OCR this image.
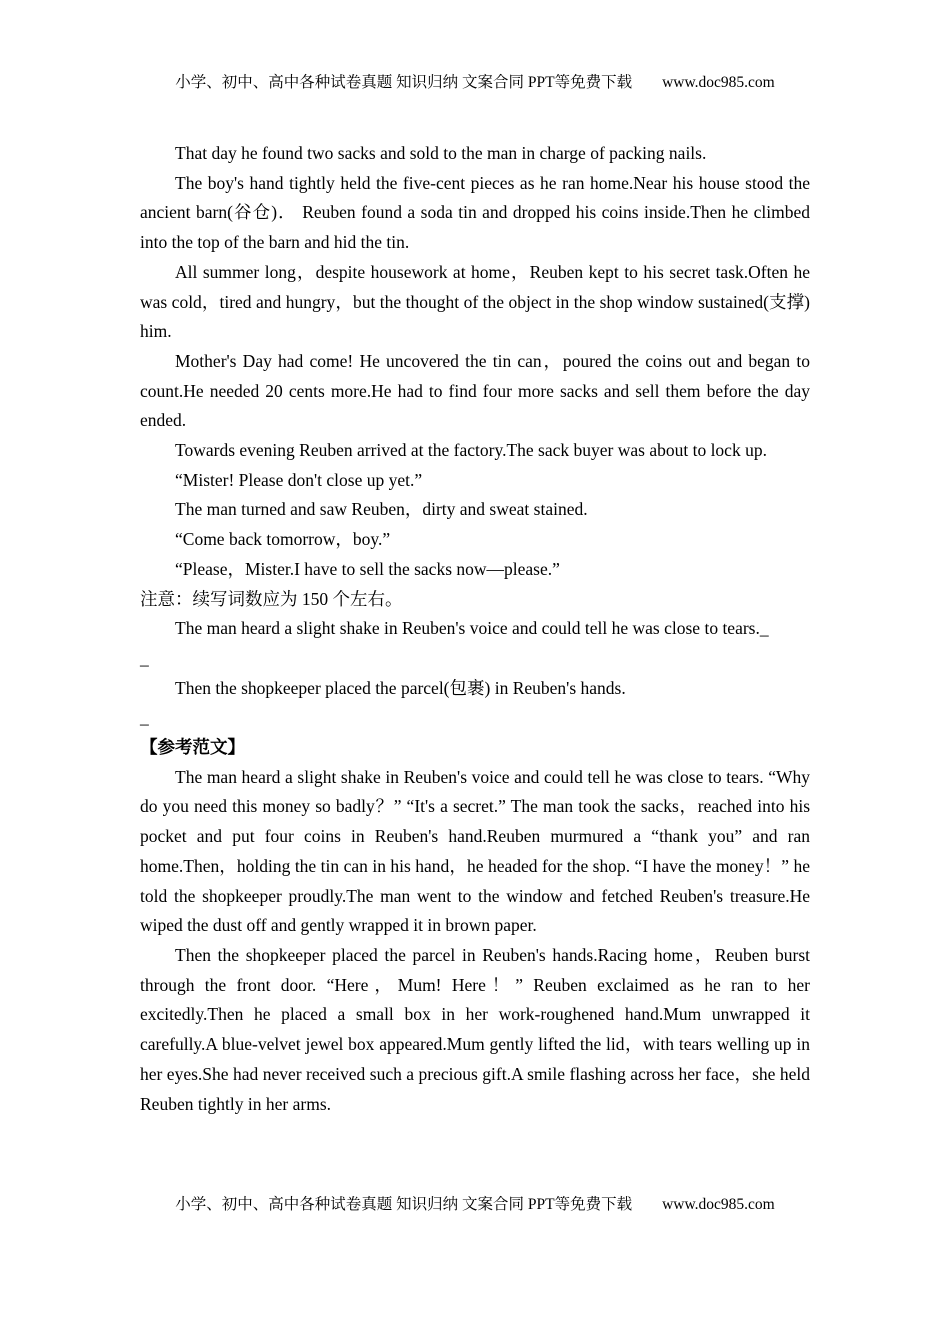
小学、初中、高中各种试卷真题 知识归纳 文案合同 PPT等免费下载 www.doc985.com

That day he found two sacks and sold to the man in charge of packing nails.

The boy's hand tightly held the five-cent pieces as he ran home.Near his house stood the ancient barn(谷仓)． Reuben found a soda tin and dropped his coins inside.Then he climbed into the top of the barn and hid the tin.

All summer long，despite housework at home，Reuben kept to his secret task.Often he was cold，tired and hungry，but the thought of the object in the shop window sustained(支撑) him.

Mother's Day had come! He uncovered the tin can，poured the coins out and began to count.He needed 20 cents more.He had to find four more sacks and sell them before the day ended.

Towards evening Reuben arrived at the factory.The sack buyer was about to lock up.

“Mister! Please don't close up yet.”

The man turned and saw Reuben，dirty and sweat stained.

“Come back tomorrow，boy.”

“Please，Mister.I have to sell the sacks now—please.”

注意：续写词数应为 150 个左右。

The man heard a slight shake in Reuben's voice and could tell he was close to tears._

_

Then the shopkeeper placed the parcel(包裹) in Reuben's hands.

_

【参考范文】

The man heard a slight shake in Reuben's voice and could tell he was close to tears. “Why do you need this money so badly？” “It's a secret.” The man took the sacks，reached into his pocket and put four coins in Reuben's hand.Reuben murmured a “thank you” and ran home.Then，holding the tin can in his hand，he headed for the shop. “I have the money！” he told the shopkeeper proudly.The man went to the window and fetched Reuben's treasure.He wiped the dust off and gently wrapped it in brown paper.

Then the shopkeeper placed the parcel in Reuben's hands.Racing home，Reuben burst through the front door. “Here，Mum! Here！” Reuben exclaimed as he ran to her excitedly.Then he placed a small box in her work-roughened hand.Mum unwrapped it carefully.A blue-velvet jewel box appeared.Mum gently lifted the lid，with tears welling up in her eyes.She had never received such a precious gift.A smile flashing across her face，she held Reuben tightly in her arms.

小学、初中、高中各种试卷真题 知识归纳 文案合同 PPT等免费下载 www.doc985.com
